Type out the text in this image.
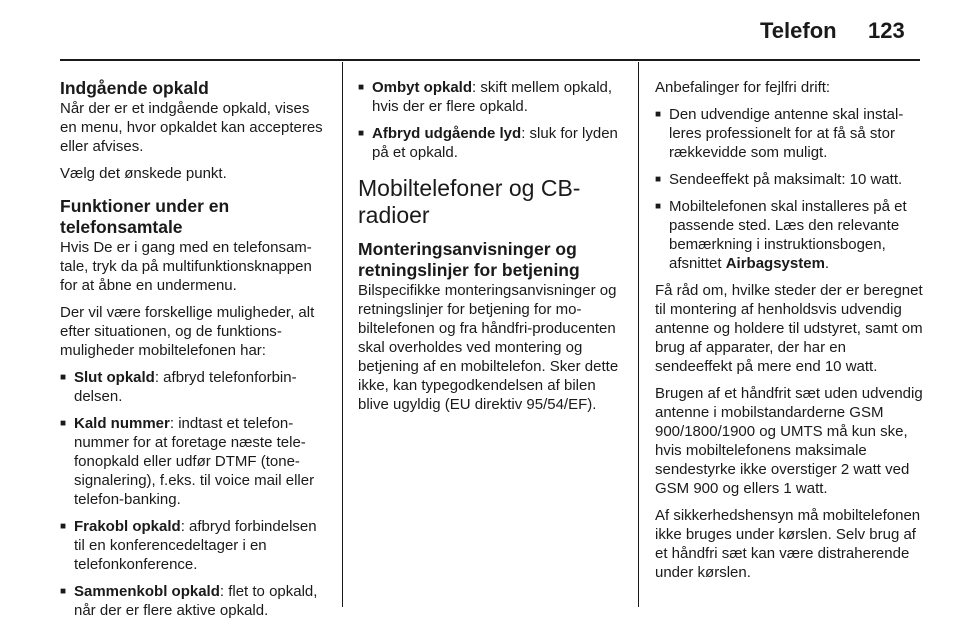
Telefon 123
Indgående opkald

Når der er et indgående opkald, vises en menu, hvor opkaldet kan accepteres eller afvises.

Vælg det ønskede punkt.

Funktioner under en telefonsamtale

Hvis De er i gang med en telefonsamtale, tryk da på multifunktionsknappen for at åbne en undermenu.

Der vil være forskellige muligheder, alt efter situationen, og de funktionsmuligheder mobiltelefonen har:

■ Slut opkald: afbryd telefonforbindelsen.
■ Kald nummer: indtast et telefonnummer for at foretage næste telefonopkald eller udfør DTMF (tonesignalering), f.eks. til voice mail eller telefon-banking.
■ Frakobl opkald: afbryd forbindelsen til en konferencedeltager i en telefonkonference.
■ Sammenkobl opkald: flet to opkald, når der er flere aktive opkald.
■ Ombyt opkald: skift mellem opkald, hvis der er flere opkald.
■ Afbryd udgående lyd: sluk for lyden på et opkald.
Mobiltelefoner og CB-radioer
Monteringsanvisninger og retningslinjer for betjening

Bilspecifikke monteringsanvisninger og retningslinjer for betjening for mobiltelefonen og fra håndfri-producenten skal overholdes ved montering og betjening af en mobiltelefon. Sker dette ikke, kan typegodkendelsen af bilen blive ugyldig (EU direktiv 95/54/EF).

Anbefalinger for fejlfri drift:

■ Den udvendige antenne skal installeres professionelt for at få så stor rækkevidde som muligt.
■ Sendeeffekt på maksimalt: 10 watt.
■ Mobiltelefonen skal installeres på et passende sted. Læs den relevante bemærkning i instruktionsbogen, afsnittet Airbagsystem.

Få råd om, hvilke steder der er beregnet til montering af henholdsvis udvendig antenne og holdere til udstyret, samt om brug af apparater, der har en sendeeffekt på mere end 10 watt.

Brugen af et håndfrit sæt uden udvendig antenne i mobilstandarderne GSM 900/1800/1900 og UMTS må kun ske, hvis mobiltelefonens maksimale sendestyrke ikke overstiger 2 watt ved GSM 900 og ellers 1 watt.

Af sikkerhedshensyn må mobiltelefonen ikke bruges under kørslen. Selv brug af et håndfri sæt kan være distraherende under kørslen.
